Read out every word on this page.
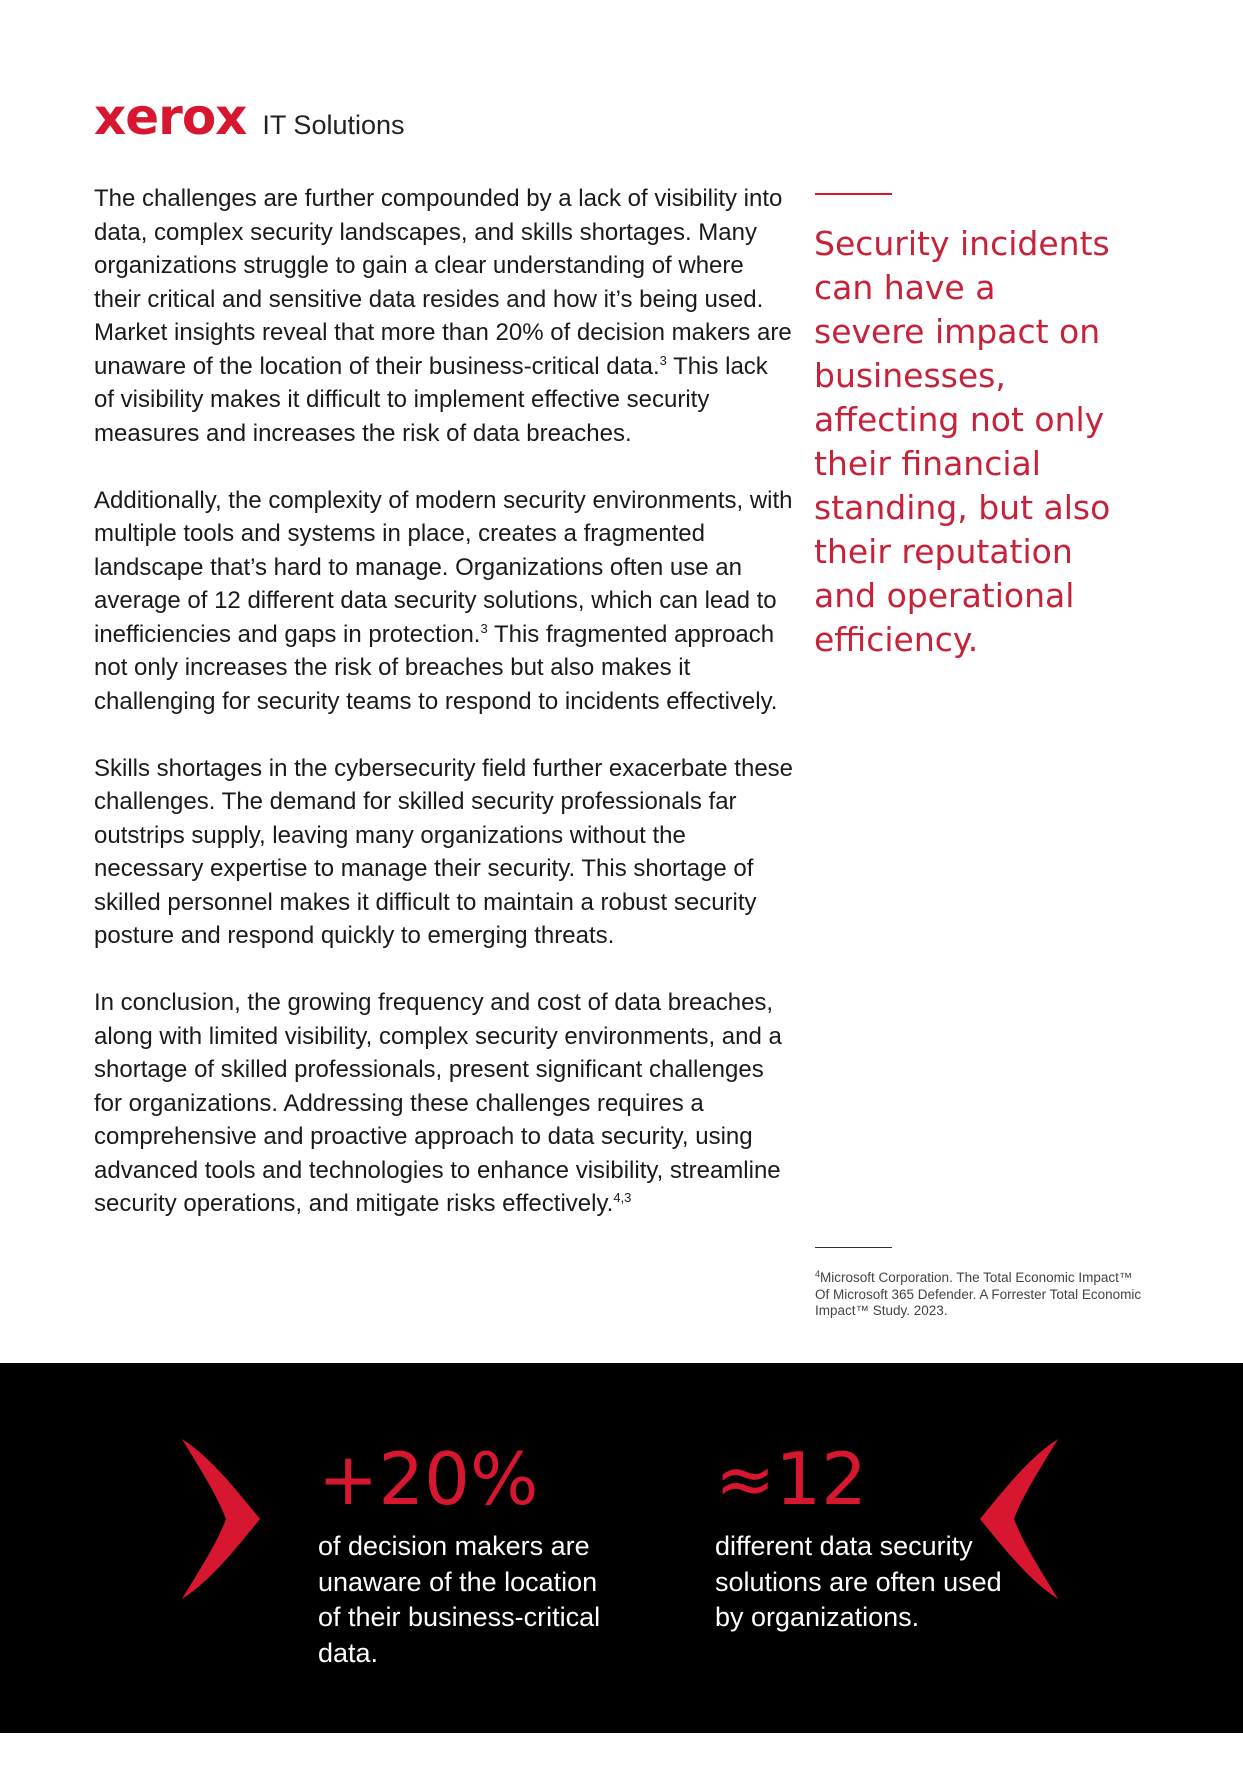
xerox IT Solutions

The challenges are further compounded by a lack of visibility into data, complex security landscapes, and skills shortages. Many organizations struggle to gain a clear understanding of where their critical and sensitive data resides and how it’s being used. Market insights reveal that more than 20% of decision makers are unaware of the location of their business-critical data.$^3$ This lack of visibility makes it difficult to implement effective security measures and increases the risk of data breaches.

Additionally, the complexity of modern security environments, with multiple tools and systems in place, creates a fragmented landscape that’s hard to manage. Organizations often use an average of 12 different data security solutions, which can lead to inefficiencies and gaps in protection.$^3$ This fragmented approach not only increases the risk of breaches but also makes it challenging for security teams to respond to incidents effectively.

Skills shortages in the cybersecurity field further exacerbate these challenges. The demand for skilled security professionals far outstrips supply, leaving many organizations without the necessary expertise to manage their security. This shortage of skilled personnel makes it difficult to maintain a robust security posture and respond quickly to emerging threats.

In conclusion, the growing frequency and cost of data breaches, along with limited visibility, complex security environments, and a shortage of skilled professionals, present significant challenges for organizations. Addressing these challenges requires a comprehensive and proactive approach to data security, using advanced tools and technologies to enhance visibility, streamline security operations, and mitigate risks effectively.$^{4,3}$

Security incidents can have a severe impact on businesses, affecting not only their financial standing, but also their reputation and operational efficiency.

$^4$Microsoft Corporation. The Total Economic Impact™ Of Microsoft 365 Defender. A Forrester Total Economic Impact™ Study. 2023.
+20%
of decision makers are unaware of the location of their business-critical data.
≈12
different data security solutions are often used by organizations.
